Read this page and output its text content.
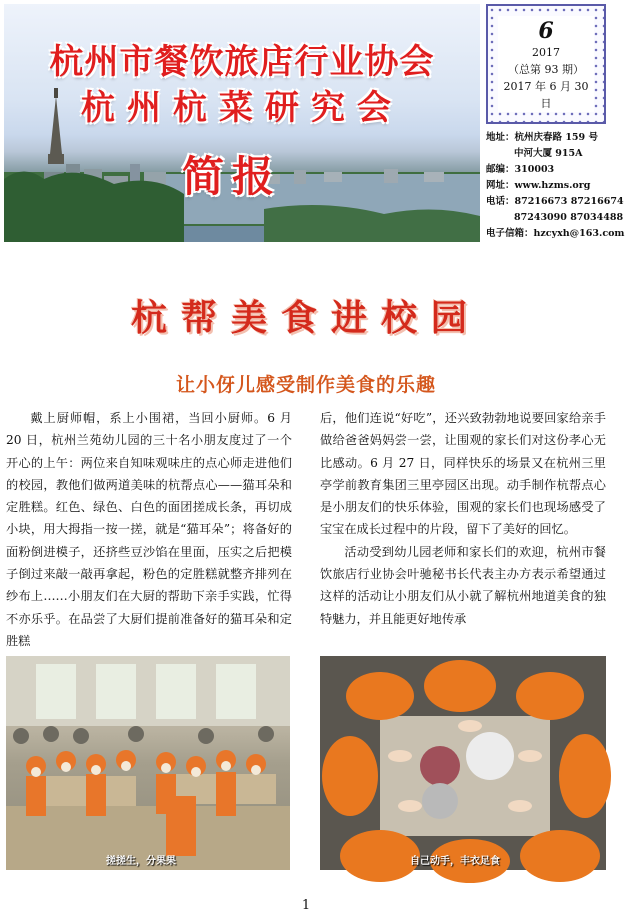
杭州市餐饮旅店行业协会
杭州杭菜研究会
简报
6
2017
（总第 93 期）
2017 年 6 月 30 日
地址：杭州庆春路 159 号
中河大厦 915A
邮编：310003
网址：www.hzms.org
电话：87216673 87216674
87243090 87034488
电子信箱：hzcyxh@163.com
杭帮美食进校园
让小伢儿感受制作美食的乐趣

戴上厨师帽，系上小围裙，当回小厨师。6 月 20 日，杭州兰苑幼儿园的三十名小朋友度过了一个开心的上午：两位来自知味观味庄的点心师走进他们的校园，教他们做两道美味的杭帮点心——猫耳朵和定胜糕。红色、绿色、白色的面团搓成长条，再切成小块，用大拇指一按一搓，就是“猫耳朵”；将备好的面粉倒进模子，还挤些豆沙馅在里面，压实之后把模子倒过来敲一敲再拿起，粉色的定胜糕就整齐排列在纱布上……小朋友们在大厨的帮助下亲手实践，忙得不亦乐乎。在品尝了大厨们提前准备好的猫耳朵和定胜糕

后，他们连说“好吃”，还兴致勃勃地说要回家给亲手做给爸爸妈妈尝一尝，让围观的家长们对这份孝心无比感动。6 月 27 日，同样快乐的场景又在杭州三里亭学前教育集团三里亭园区出现。动手制作杭帮点心是小朋友们的快乐体验，围观的家长们也现场感受了宝宝在成长过程中的片段，留下了美好的回忆。

活动受到幼儿园老师和家长们的欢迎，杭州市餐饮旅店行业协会叶驰秘书长代表主办方表示希望通过这样的活动让小朋友们从小就了解杭州地道美食的独特魅力，并且能更好地传承

搓搓生，分果果	自己动手，丰衣足食
1
